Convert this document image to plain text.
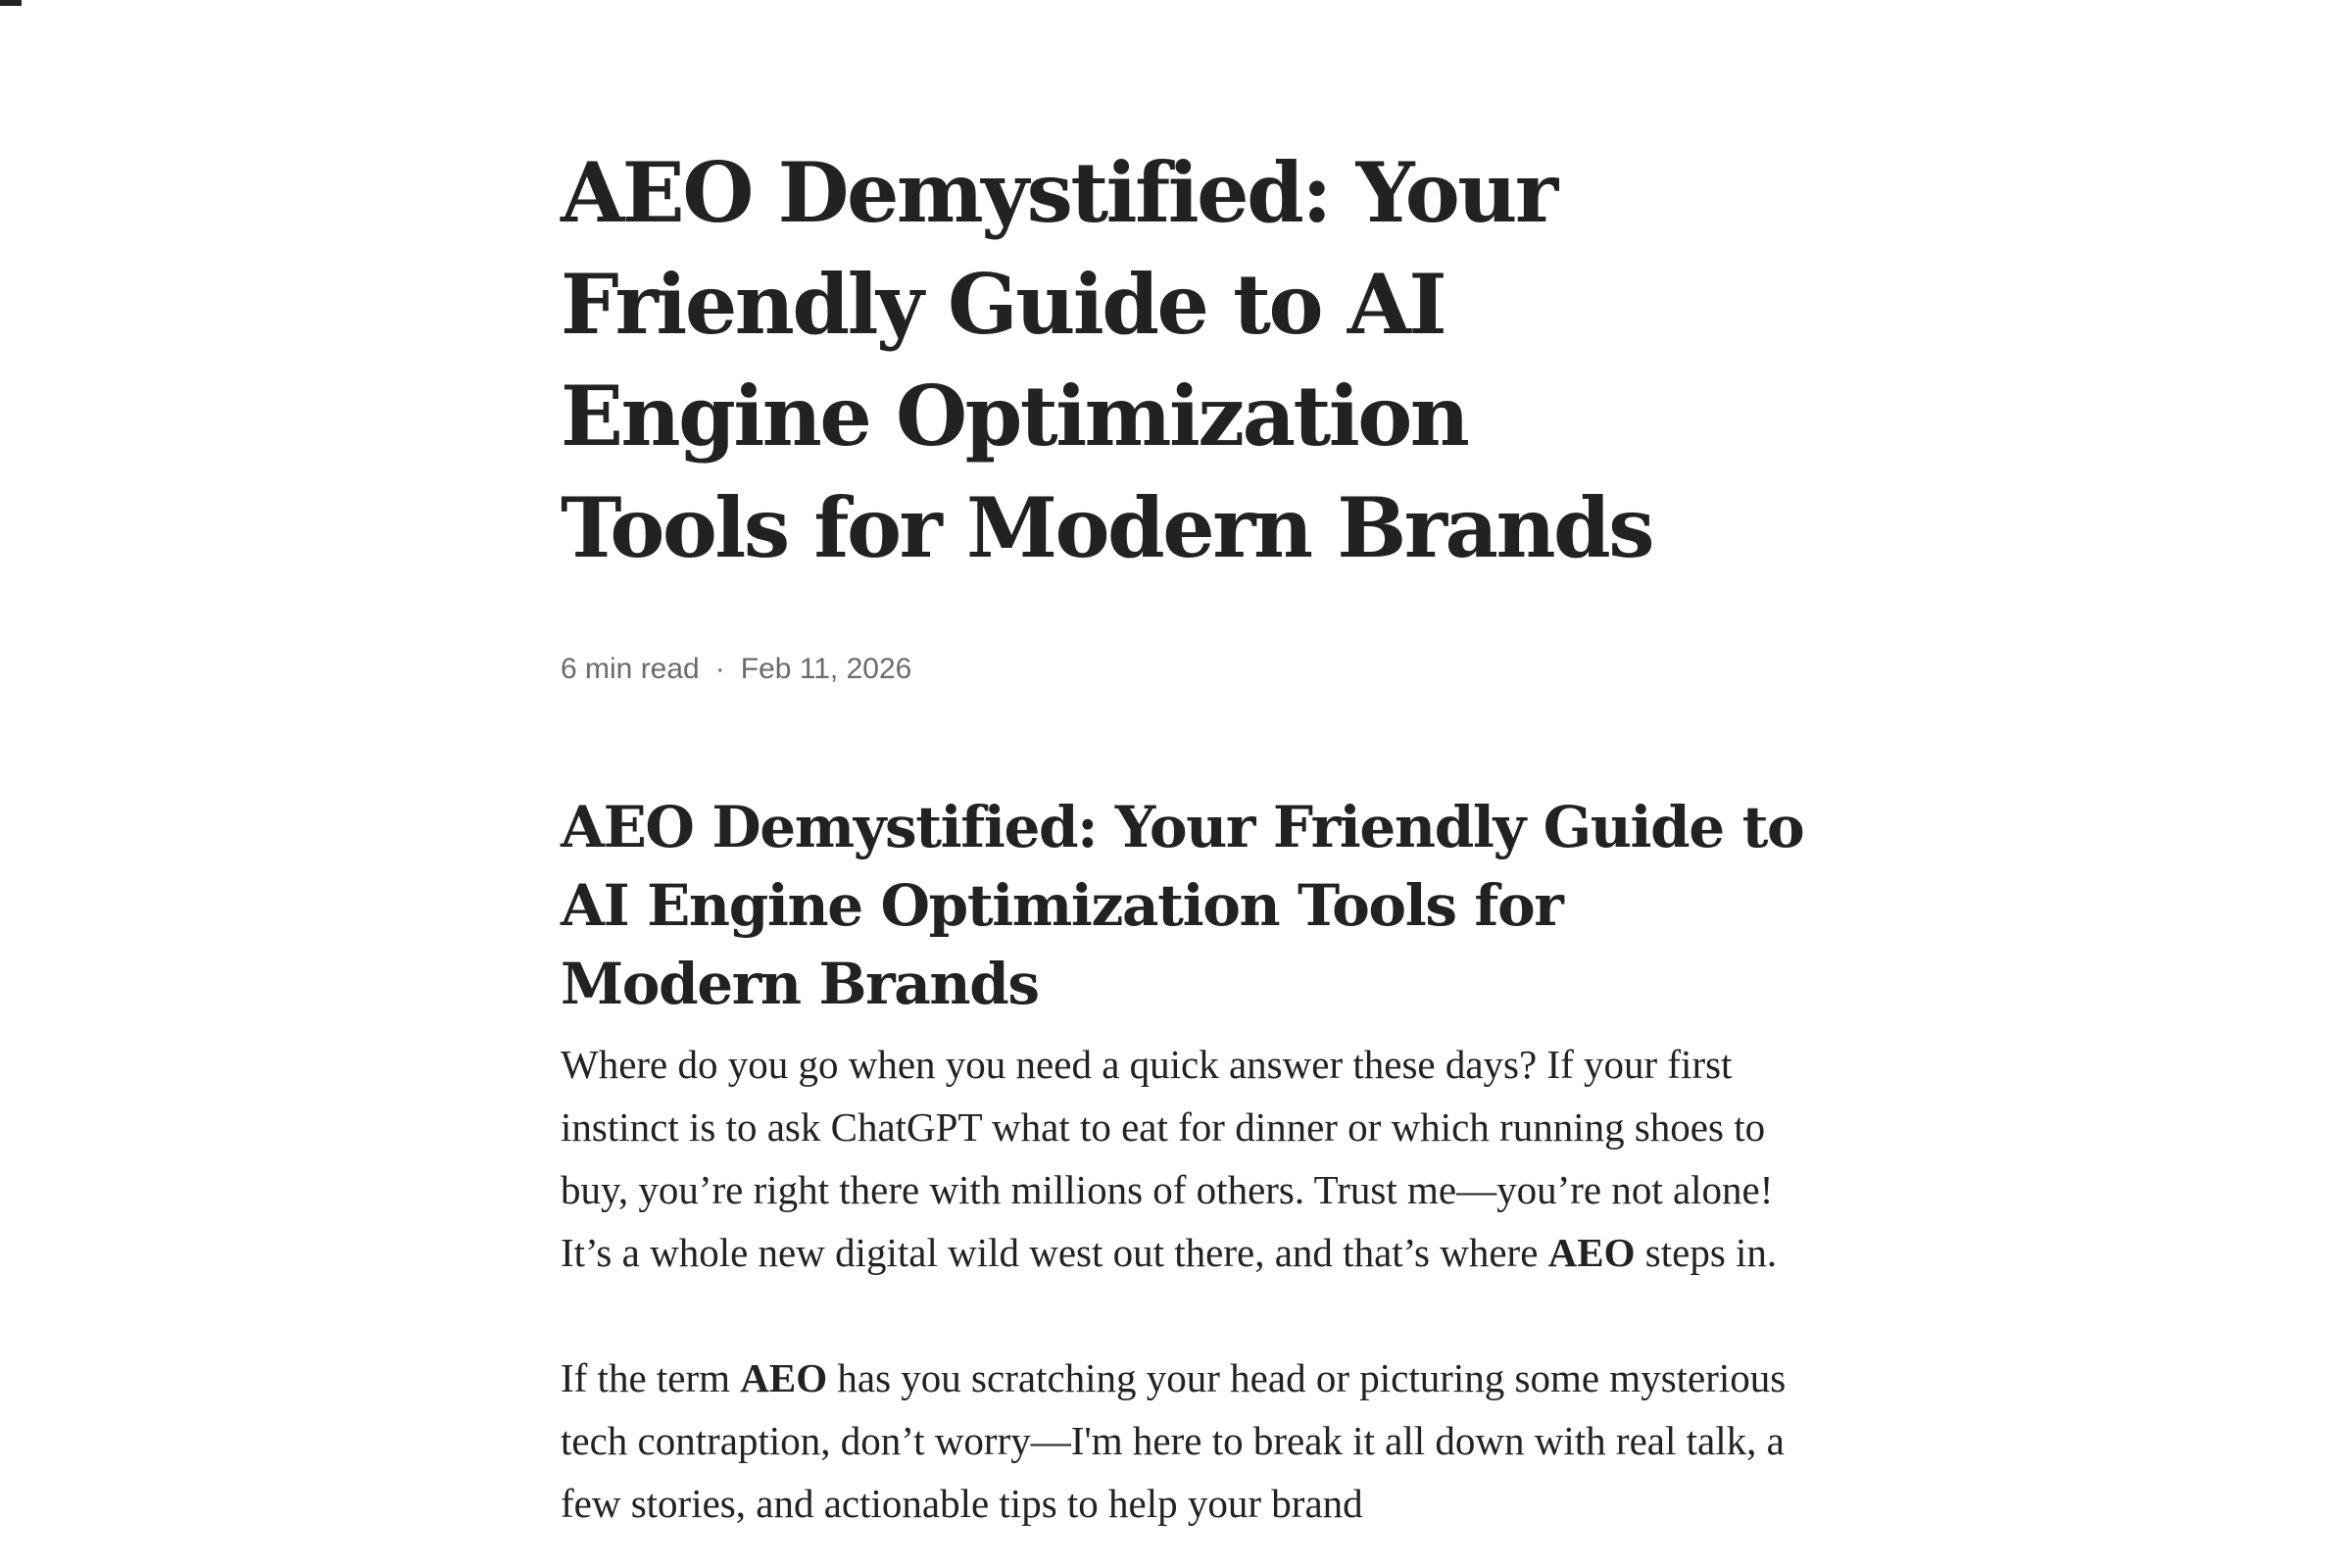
AEO Demystified: Your Friendly Guide to AI Engine Optimization Tools for Modern Brands
6 min read · Feb 11, 2026
AEO Demystified: Your Friendly Guide to AI Engine Optimization Tools for Modern Brands

Where do you go when you need a quick answer these days? If your first instinct is to ask ChatGPT what to eat for dinner or which running shoes to buy, you’re right there with millions of others. Trust me—you’re not alone! It’s a whole new digital wild west out there, and that’s where AEO steps in.

If the term AEO has you scratching your head or picturing some mysterious tech contraption, don’t worry—I'm here to break it all down with real talk, a few stories, and actionable tips to help your brand
